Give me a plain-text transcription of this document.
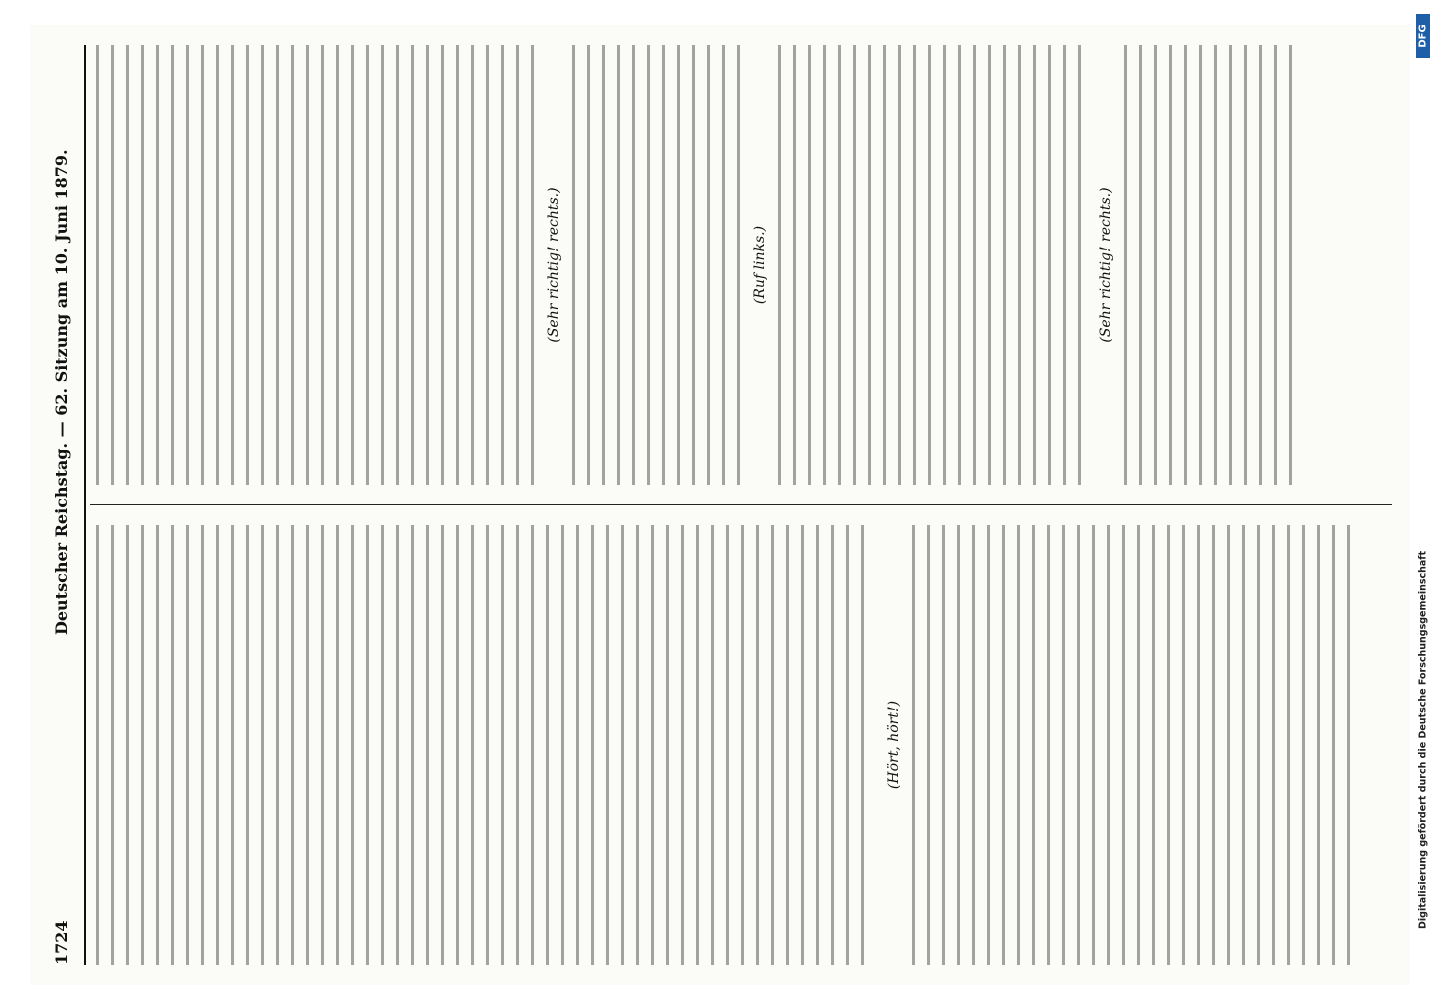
1724
Deutscher Reichstag. — 62. Sitzung am 10. Juni 1879.
(Hört, hört!)
(Sehr richtig! rechts.)	(Ruf links.)	(Sehr richtig! rechts.)
DFG
Digitalisierung gefördert durch die Deutsche Forschungsgemeinschaft
